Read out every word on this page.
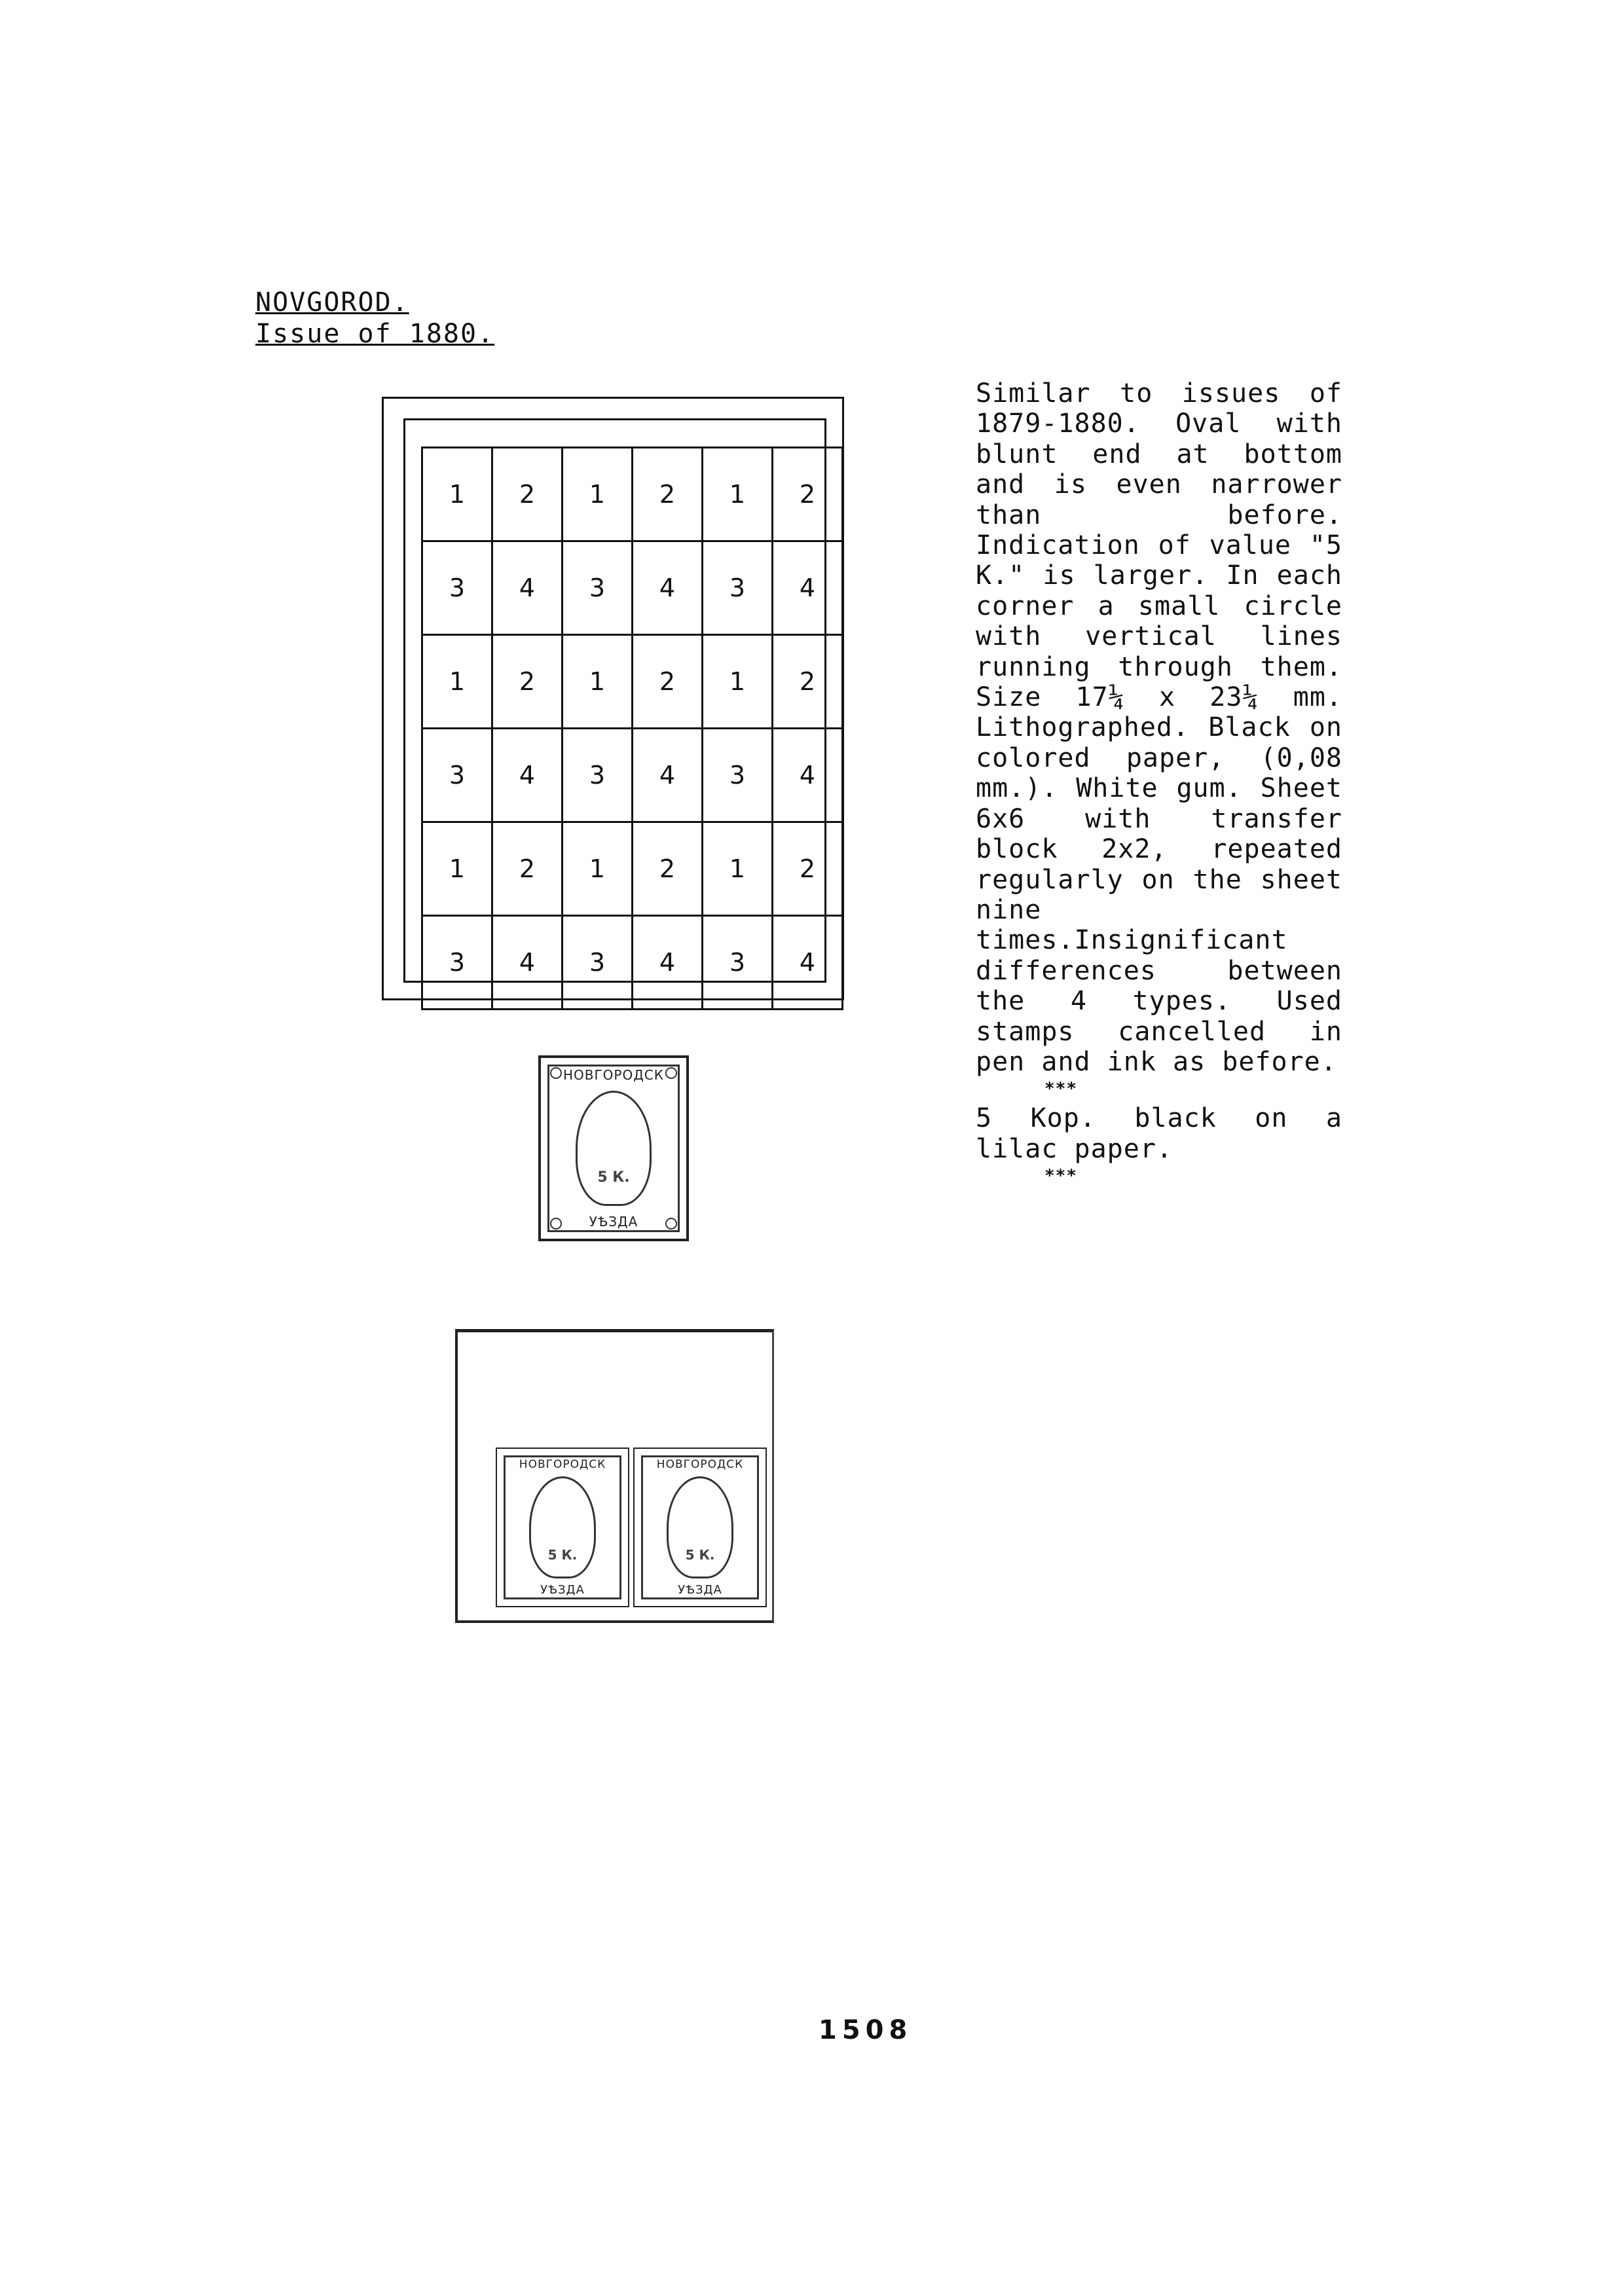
NOVGOROD.
Issue of 1880.
1	2	1	2	1	2
3	4	3	4	3	4
1	2	1	2	1	2
3	4	3	4	3	4
1	2	1	2	1	2
3	4	3	4	3	4
НОВГОРОДСК
5 К.
УѢЗДА
НОВГОРОДСК
5 К.
УѢЗДА
НОВГОРОДСК
5 К.
УѢЗДА

Similar to issues of 1879-1880. Oval with blunt end at bottom and is even narrower than before. Indication of value "5 K." is larger. In each corner a small circle with vertical lines running through them. Size 17¼ x 23¼ mm. Lithographed. Black on colored paper, (0,08 mm.). White gum. Sheet 6x6 with transfer block 2x2, repeated regularly on the sheet nine times.Insignificant differences between the 4 types. Used stamps cancelled in pen and ink as before.

***

5 Kop. black on a lilac paper.

***
1508
